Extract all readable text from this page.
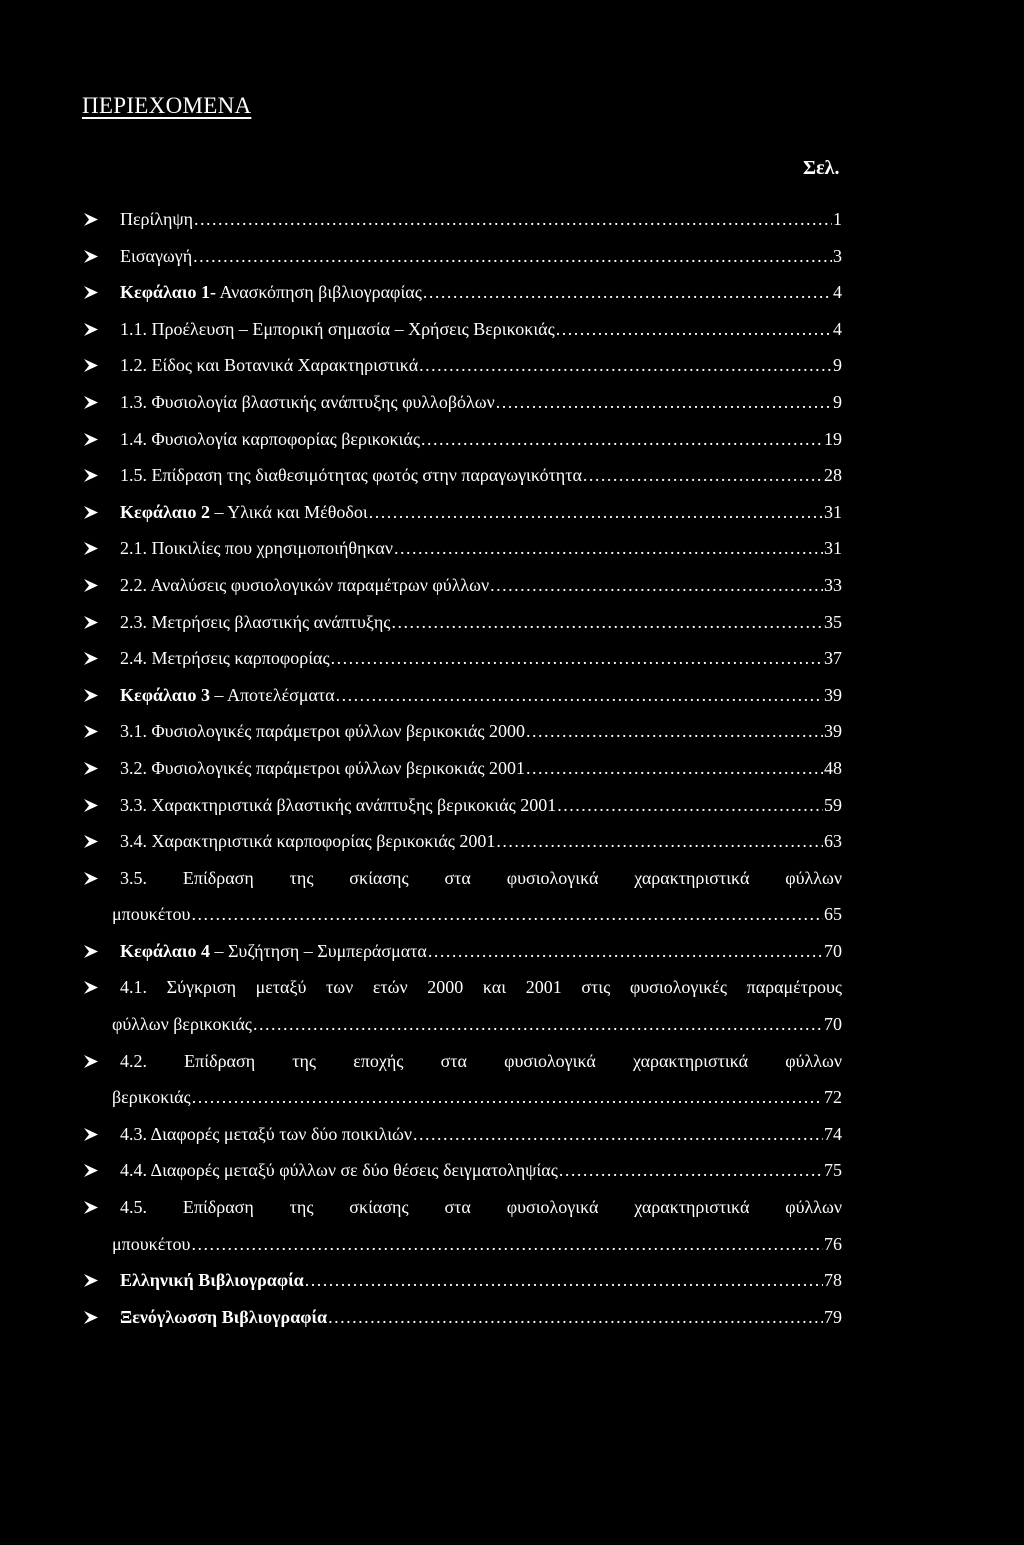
ΠΕΡΙΕΧΟΜΕΝΑ
Σελ.
Περίληψη .....	1
Εισαγωγή .....	3
Κεφάλαιο 1- Ανασκόπηση βιβλιογραφίας .....	4
1.1. Προέλευση – Εμπορική σημασία – Χρήσεις Βερικοκιάς .....	4
1.2. Είδος και Βοτανικά Χαρακτηριστικά .....	9
1.3. Φυσιολογία βλαστικής ανάπτυξης φυλλοβόλων .....	9
1.4. Φυσιολογία καρποφορίας βερικοκιάς .....	19
1.5. Επίδραση της διαθεσιμότητας φωτός στην παραγωγικότητα .....	28
Κεφάλαιο 2 – Υλικά και Μέθοδοι .....	31
2.1. Ποικιλίες που χρησιμοποιήθηκαν .....	31
2.2. Αναλύσεις φυσιολογικών παραμέτρων φύλλων .....	33
2.3. Μετρήσεις βλαστικής ανάπτυξης .....	35
2.4. Μετρήσεις καρποφορίας .....	37
Κεφάλαιο 3 – Αποτελέσματα .....	39
3.1. Φυσιολογικές παράμετροι φύλλων βερικοκιάς 2000 .....	39
3.2. Φυσιολογικές παράμετροι φύλλων βερικοκιάς 2001 .....	48
3.3. Χαρακτηριστικά βλαστικής ανάπτυξης βερικοκιάς 2001 .....	59
3.4. Χαρακτηριστικά καρποφορίας βερικοκιάς 2001 .....	63
3.5. Επίδραση της σκίασης στα φυσιολογικά χαρακτηριστικά φύλλων
μπουκέτου .....	65
Κεφάλαιο 4 – Συζήτηση – Συμπεράσματα .....	70
4.1. Σύγκριση μεταξύ των ετών 2000 και 2001 στις φυσιολογικές παραμέτρους
φύλλων βερικοκιάς .....	70
4.2. Επίδραση της εποχής στα φυσιολογικά χαρακτηριστικά φύλλων
βερικοκιάς .....	72
4.3. Διαφορές μεταξύ των δύο ποικιλιών .....	74
4.4. Διαφορές μεταξύ φύλλων σε δύο θέσεις δειγματοληψίας .....	75
4.5. Επίδραση της σκίασης στα φυσιολογικά χαρακτηριστικά φύλλων
μπουκέτου .....	76
Ελληνική Βιβλιογραφία .....	78
Ξενόγλωσση Βιβλιογραφία .....	79
